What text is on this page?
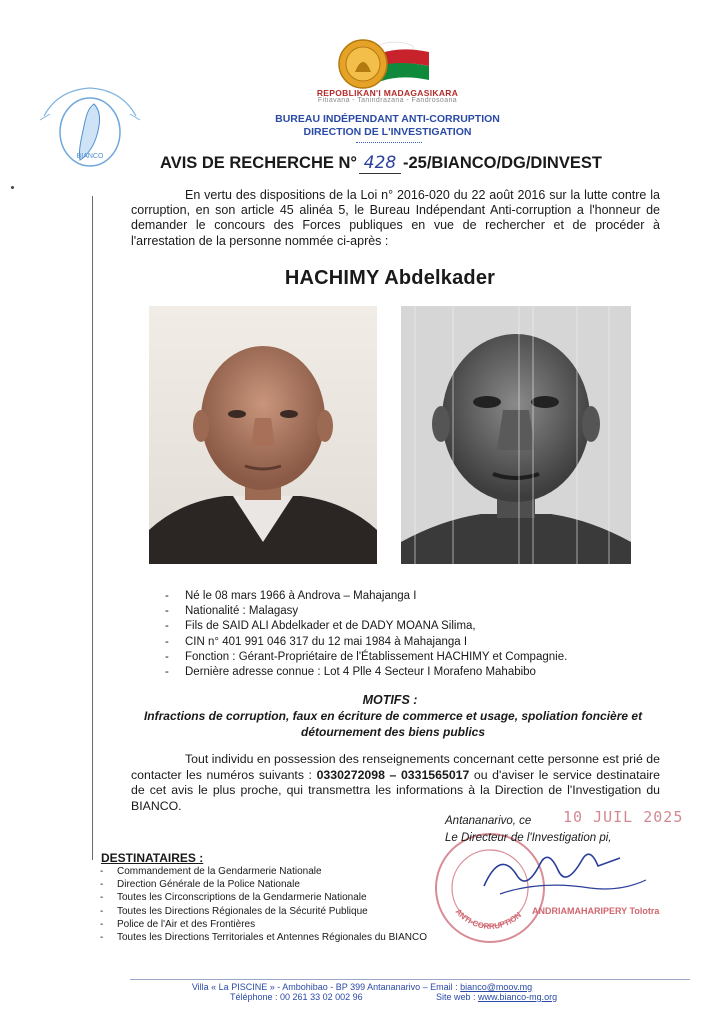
BIANCO
REPOBLIKAN'I MADAGASIKARA
Fitiavana - Tanindrazana - Fandrosoana
BUREAU INDÉPENDANT ANTI-CORRUPTION
DIRECTION DE L'INVESTIGATION
AVIS DE RECHERCHE N° 428 -25/BIANCO/DG/DINVEST
En vertu des dispositions de la Loi n° 2016-020 du 22 août 2016 sur la lutte contre la corruption, en son article 45 alinéa 5, le Bureau Indépendant Anti-corruption a l'honneur de demander le concours des Forces publiques en vue de rechercher et de procéder à l'arrestation de la personne nommée ci-après :
HACHIMY Abdelkader
- Né le 08 mars 1966 à Androva – Mahajanga I
- Nationalité : Malagasy
- Fils de SAID ALI Abdelkader et de DADY MOANA Silima,
- CIN n° 401 991 046 317 du 12 mai 1984 à Mahajanga I
- Fonction : Gérant-Propriétaire de l'Établissement HACHIMY et Compagnie.
- Dernière adresse connue : Lot 4 Plle 4 Secteur I Morafeno Mahabibo
MOTIFS :
Infractions de corruption, faux en écriture de commerce et usage, spoliation foncière et détournement des biens publics
Tout individu en possession des renseignements concernant cette personne est prié de contacter les numéros suivants : 0330272098 – 0331565017 ou d'aviser le service destinataire de cet avis le plus proche, qui transmettra les informations à la Direction de l'Investigation du BIANCO.
ANTI-CORRUPTION
Antananarivo, ce 10 JUIL 2025
Le Directeur de l'Investigation pi,
ANDRIAMAHARIPERY Tolotra
DESTINATAIRES :
- Commandement de la Gendarmerie Nationale
- Direction Générale de la Police Nationale
- Toutes les Circonscriptions de la Gendarmerie Nationale
- Toutes les Directions Régionales de la Sécurité Publique
- Police de l'Air et des Frontières
- Toutes les Directions Territoriales et Antennes Régionales du BIANCO
Villa « La PISCINE » - Ambohibao - BP 399 Antananarivo – Email : bianco@moov.mg
Téléphone : 00 261 33 02 002 96	Site web : www.bianco-mg.org
